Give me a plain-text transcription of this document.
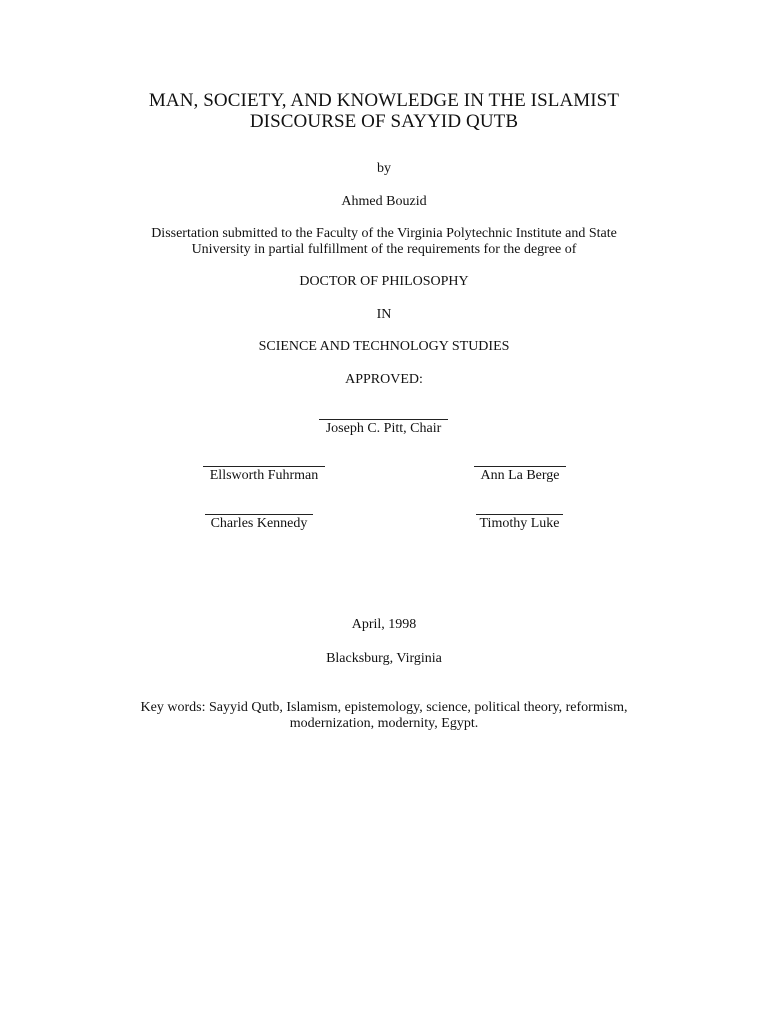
MAN, SOCIETY, AND KNOWLEDGE IN THE ISLAMIST
DISCOURSE OF SAYYID QUTB
by
Ahmed Bouzid
Dissertation submitted to the Faculty of the Virginia Polytechnic Institute and State
University in partial fulfillment of the requirements for the degree of
DOCTOR OF PHILOSOPHY
IN
SCIENCE AND TECHNOLOGY STUDIES
APPROVED:
Joseph C. Pitt, Chair
Ellsworth Fuhrman	Ann La Berge
Charles Kennedy	Timothy Luke
April, 1998
Blacksburg, Virginia
Key words: Sayyid Qutb, Islamism, epistemology, science, political theory, reformism,
modernization, modernity, Egypt.
